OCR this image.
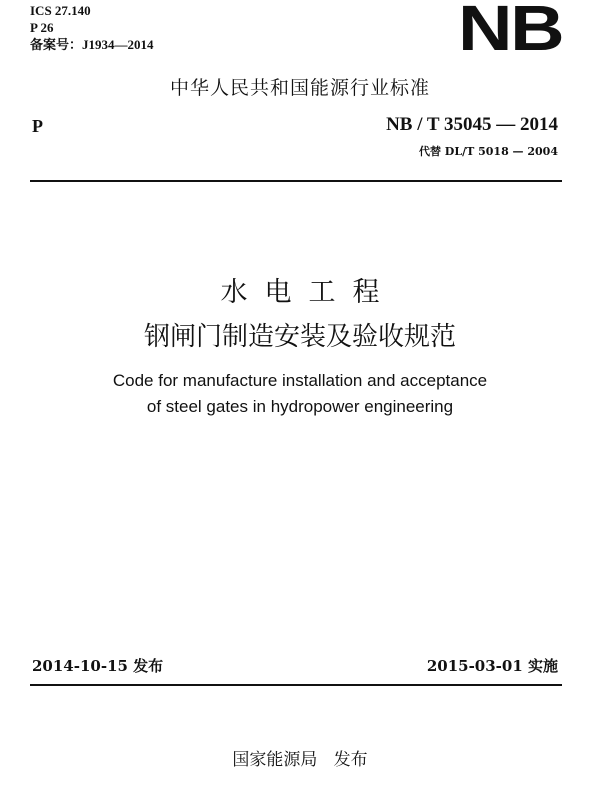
ICS 27.140
P 26
备案号：J1934—2014	NB
中华人民共和国能源行业标准
P	NB / T 35045 — 2014
代替 DL/T 5018 — 2004
水电工程
钢闸门制造安装及验收规范
Code for manufacture installation and acceptance
of steel gates in hydropower engineering
2014-10-15 发布	2015-03-01 实施
国家能源局   发布
